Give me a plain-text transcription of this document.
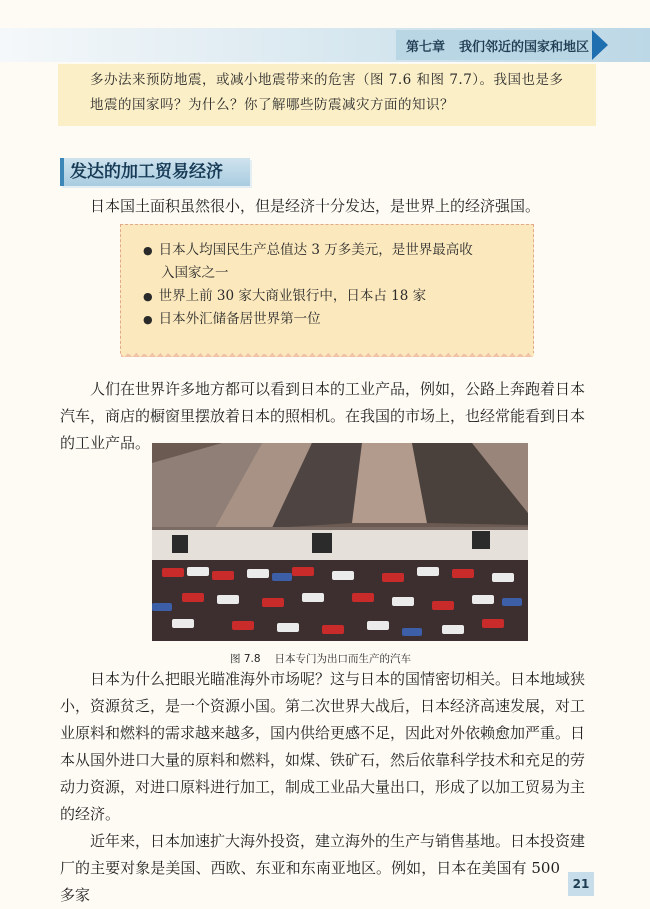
第七章 我们邻近的国家和地区

多办法来预防地震，或减小地震带来的危害（图 7.6 和图 7.7）。我国也是多

地震的国家吗？为什么？你了解哪些防震减灾方面的知识？

发达的加工贸易经济

日本国土面积虽然很小，但是经济十分发达，是世界上的经济强国。

● 日本人均国民生产总值达 3 万多美元，是世界最高收
入国家之一
● 世界上前 30 家大商业银行中，日本占 18 家
● 日本外汇储备居世界第一位

人们在世界许多地方都可以看到日本的工业产品，例如，公路上奔跑着日本

汽车，商店的橱窗里摆放着日本的照相机。在我国的市场上，也经常能看到日本

的工业产品。

图 7.8 日本专门为出口而生产的汽车

日本为什么把眼光瞄准海外市场呢？这与日本的国情密切相关。日本地域狭

小，资源贫乏，是一个资源小国。第二次世界大战后，日本经济高速发展，对工

业原料和燃料的需求越来越多，国内供给更感不足，因此对外依赖愈加严重。日

本从国外进口大量的原料和燃料，如煤、铁矿石，然后依靠科学技术和充足的劳

动力资源，对进口原料进行加工，制成工业品大量出口，形成了以加工贸易为主

的经济。

近年来，日本加速扩大海外投资，建立海外的生产与销售基地。日本投资建

厂的主要对象是美国、西欧、东亚和东南亚地区。例如，日本在美国有 500 多家

21
